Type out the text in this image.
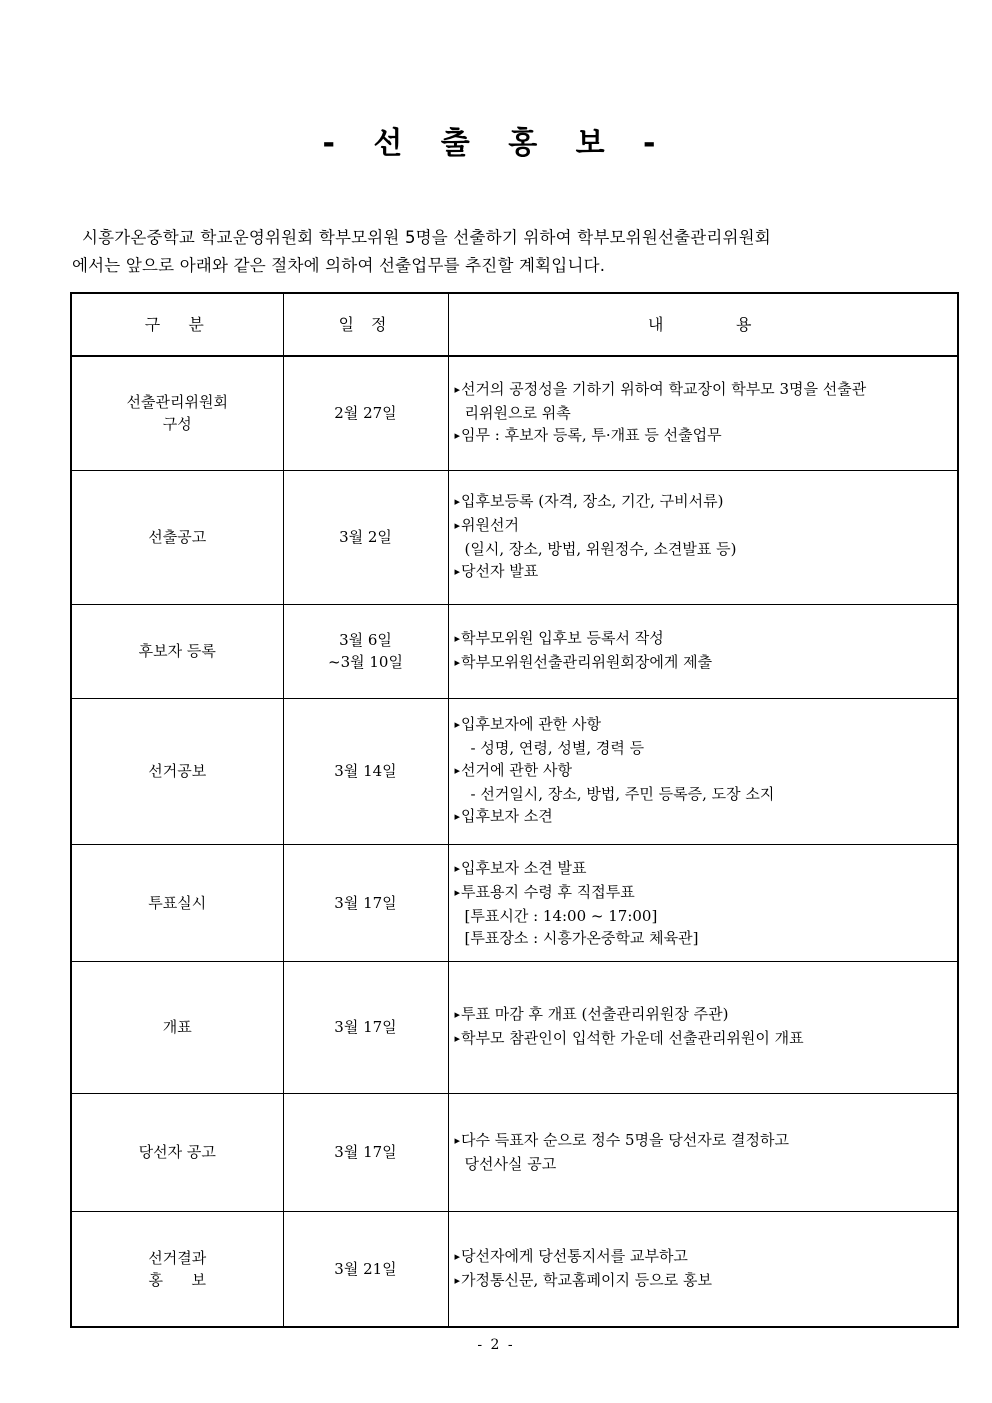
- 선 출 홍 보 -
시흥가온중학교 학교운영위원회 학부모위원 5명을 선출하기 위하여 학부모위원선출관리위원회
에서는 앞으로 아래와 같은 절차에 의하여 선출업무를 추진할 계획입니다.
구  분	일 정	내      용

선출관리위원회
구성	2월 27일	▸ 선거의 공정성을 기하기 위하여 학교장이 학부모 3명을 선출관
리위원으로 위촉
▸ 임무 : 후보자 등록, 투·개표 등 선출업무

선출공고	3월 2일	▸ 입후보등록 (자격, 장소, 기간, 구비서류)
▸ 위원선거
(일시, 장소, 방법, 위원정수, 소견발표 등)
▸ 당선자 발표

후보자 등록	3월 6일
~3월 10일	▸ 학부모위원 입후보 등록서 작성
▸ 학부모위원선출관리위원회장에게 제출

선거공보	3월 14일	▸ 입후보자에 관한 사항
- 성명, 연령, 성별, 경력 등
▸ 선거에 관한 사항
- 선거일시, 장소, 방법, 주민 등록증, 도장 소지
▸ 입후보자 소견

투표실시	3월 17일	▸ 입후보자 소견 발표
▸ 투표용지 수령 후 직접투표
[투표시간 : 14:00 ~ 17:00]
[투표장소 : 시흥가온중학교 체육관]

개표	3월 17일	▸ 투표 마감 후 개표 (선출관리위원장 주관)
▸ 학부모 참관인이 입석한 가운데 선출관리위원이 개표

당선자 공고	3월 17일	▸ 다수 득표자 순으로 정수 5명을 당선자로 결정하고
당선사실 공고

선거결과
홍      보	3월 21일	▸ 당선자에게 당선통지서를 교부하고
▸ 가정통신문, 학교홈페이지 등으로 홍보
- 2 -
